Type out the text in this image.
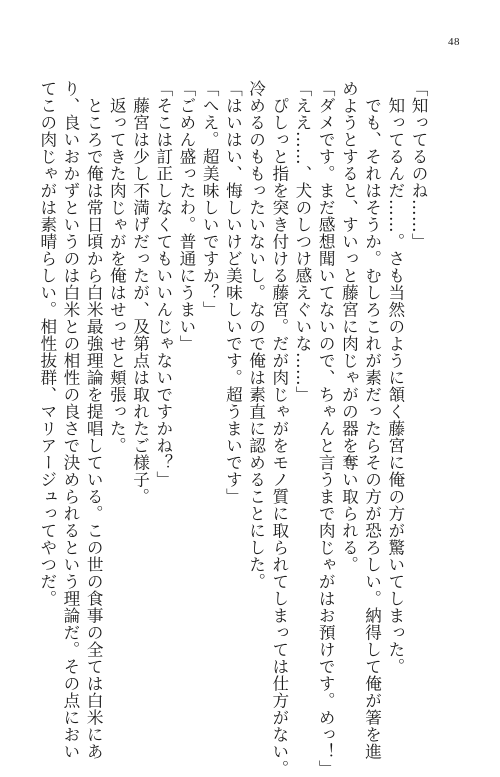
48
「知ってるのね……」
　知ってるんだ……。さも当然のように頷く藤宮に俺の方が驚いてしまった。
　でも、それはそうか。むしろこれが素だったらその方が恐ろしい。納得して俺が箸を進
めようとすると、すいっと藤宮に肉じゃがの器を奪い取られる。
「ダメです。まだ感想聞いてないので、ちゃんと言うまで肉じゃがはお預けです。めっ！」
「ええ……、犬のしつけ感えぐいな……」
　ぴしっと指を突き付ける藤宮。だが肉じゃがをモノ質に取られてしまっては仕方がない。
冷めるのももったいないし。なので俺は素直に認めることにした。
「はいはい、悔しいけど美味しいです。超うまいです」
「へえ。超美味しいですか？」
「ごめん盛ったわ。普通にうまい」
「そこは訂正しなくてもいいんじゃないですかね？」
　藤宮は少し不満げだったが、及第点は取れたご様子。
　返ってきた肉じゃがを俺はせっせと頬張った。
　ところで俺は常日頃から白米最強理論を提唱している。この世の食事の全ては白米にあ
り、良いおかずというのは白米との相性の良さで決められるという理論だ。その点におい
てこの肉じゃがは素晴らしい。相性抜群、マリアージュってやつだ。
